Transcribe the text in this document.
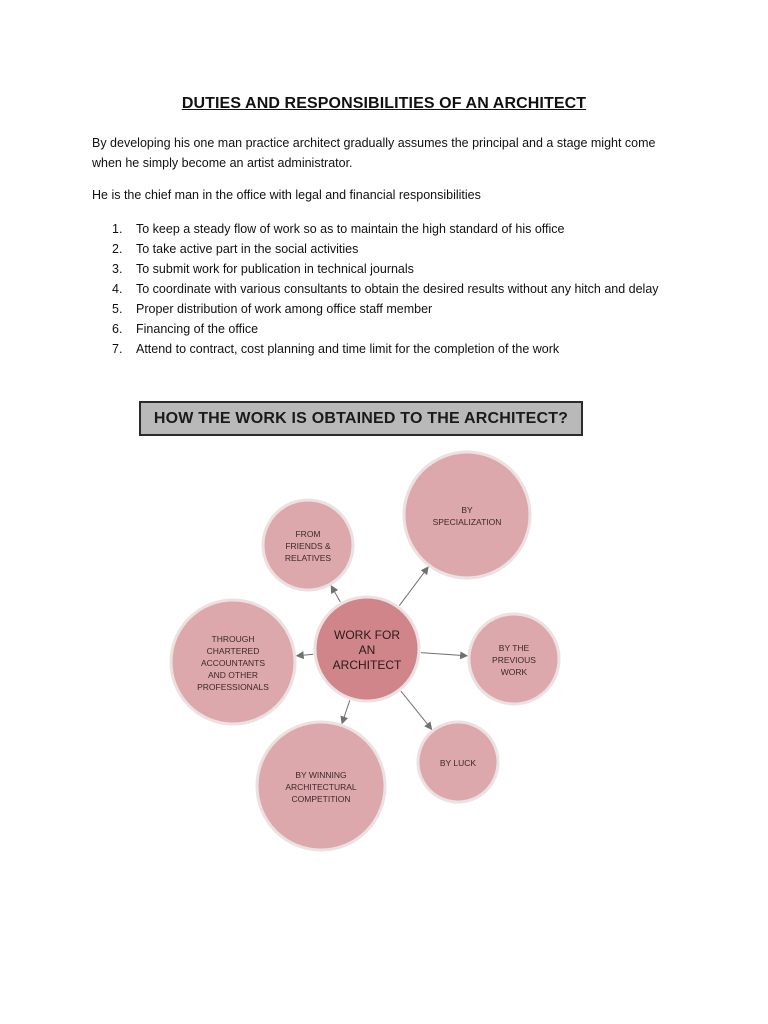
DUTIES AND RESPONSIBILITIES OF AN ARCHITECT
By developing his one man practice architect gradually assumes the principal and a stage might come when he simply become an artist administrator.
He is the chief man in the office with legal and financial responsibilities
1. To keep a steady flow of work so as to maintain the high standard of his office
2. To take active part in the social activities
3. To submit work for publication in technical journals
4. To coordinate with various consultants to obtain the desired results without any hitch and delay
5. Proper distribution of work among office staff member
6. Financing of the office
7. Attend to contract, cost planning and time limit for the completion of the work
HOW THE WORK IS OBTAINED TO THE ARCHITECT?
WORK FOR
AN
ARCHITECT
FROM
FRIENDS &
RELATIVES
BY
SPECIALIZATION
THROUGH
CHARTERED
ACCOUNTANTS
AND OTHER
PROFESSIONALS
BY THE
PREVIOUS
WORK
BY LUCK
BY WINNING
ARCHITECTURAL
COMPETITION
